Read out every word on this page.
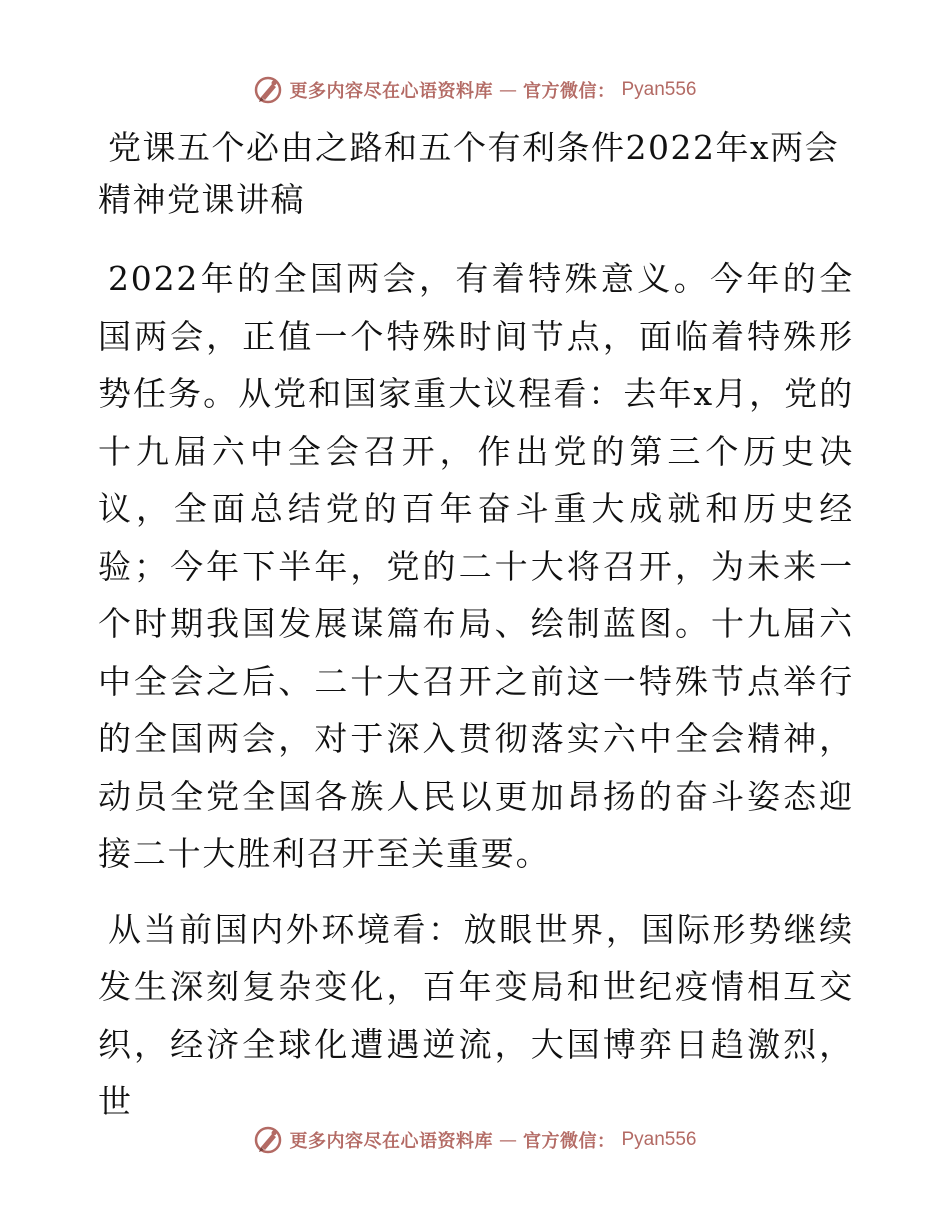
更多内容尽在心语资料库 — 官方微信： Pyan556
党课五个必由之路和五个有利条件2022年x两会精神党课讲稿

2022年的全国两会，有着特殊意义。今年的全国两会，正值一个特殊时间节点，面临着特殊形势任务。从党和国家重大议程看：去年x月，党的十九届六中全会召开，作出党的第三个历史决议，全面总结党的百年奋斗重大成就和历史经验；今年下半年，党的二十大将召开，为未来一个时期我国发展谋篇布局、绘制蓝图。十九届六中全会之后、二十大召开之前这一特殊节点举行的全国两会，对于深入贯彻落实六中全会精神，动员全党全国各族人民以更加昂扬的奋斗姿态迎接二十大胜利召开至关重要。

从当前国内外环境看：放眼世界，国际形势继续发生深刻复杂变化，百年变局和世纪疫情相互交织，经济全球化遭遇逆流，大国博弈日趋激烈，世

更多内容尽在心语资料库 — 官方微信： Pyan556
